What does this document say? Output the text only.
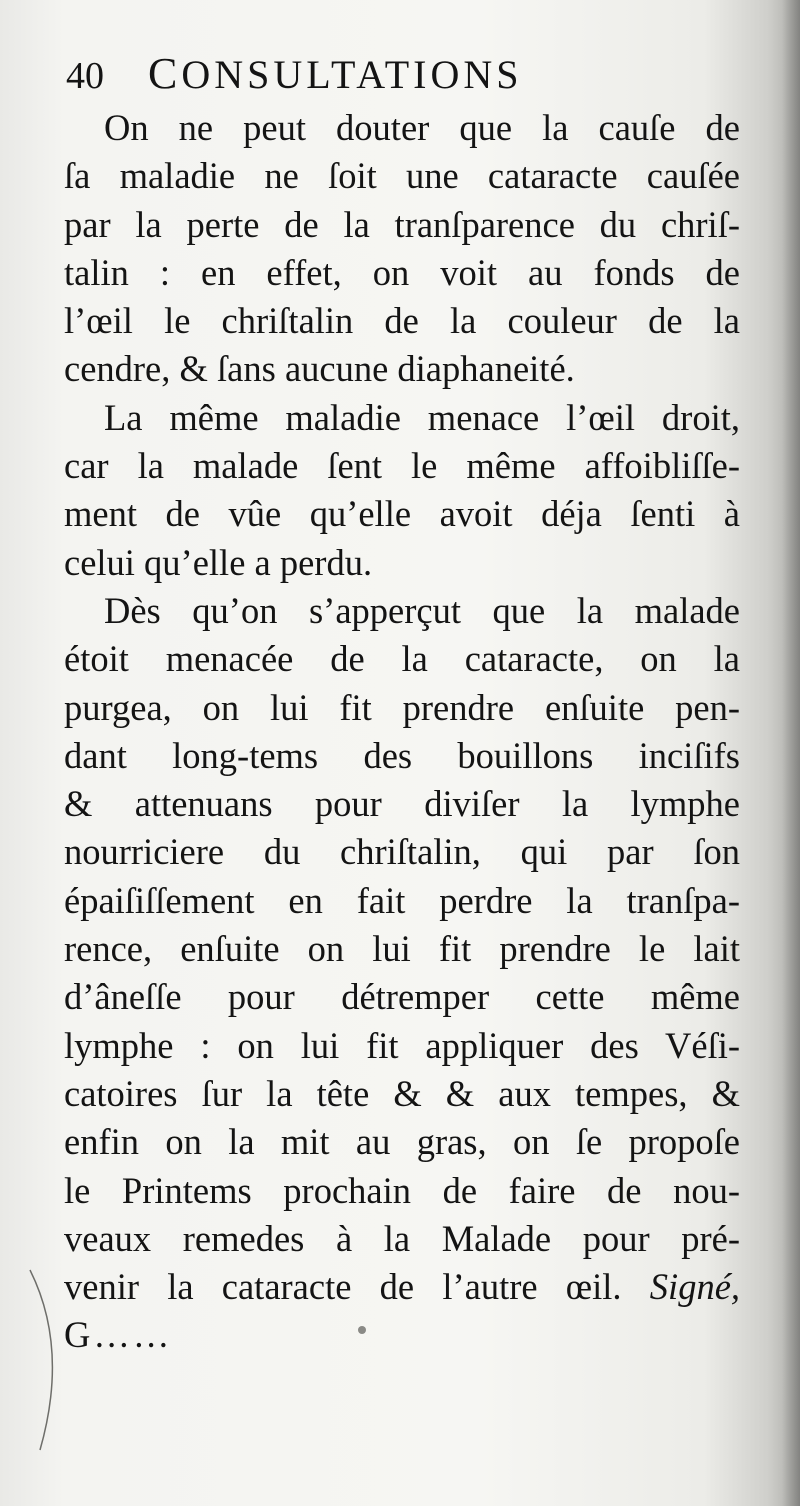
40 CONSULTATIONS
On ne peut douter que la cauſe de
ſa maladie ne ſoit une cataracte cauſée
par la perte de la tranſparence du chriſ-
talin : en effet, on voit au fonds de
l’œil le chriſtalin de la couleur de la
cendre, & ſans aucune diaphaneité.
La même maladie menace l’œil droit,
car la malade ſent le même affoibliſſe-
ment de vûe qu’elle avoit déja ſenti à
celui qu’elle a perdu.
Dès qu’on s’apperçut que la malade
étoit menacée de la cataracte, on la
purgea, on lui fit prendre enſuite pen-
dant long-tems des bouillons inciſifs
& attenuans pour diviſer la lymphe
nourriciere du chriſtalin, qui par ſon
épaiſiſſement en fait perdre la tranſpa-
rence, enſuite on lui fit prendre le lait
d’âneſſe pour détremper cette même
lymphe : on lui fit appliquer des Véſi-
catoires ſur la tête & & aux tempes, &
enfin on la mit au gras, on ſe propoſe
le Printems prochain de faire de nou-
veaux remedes à la Malade pour pré-
venir la cataracte de l’autre œil. Signé,
G……
